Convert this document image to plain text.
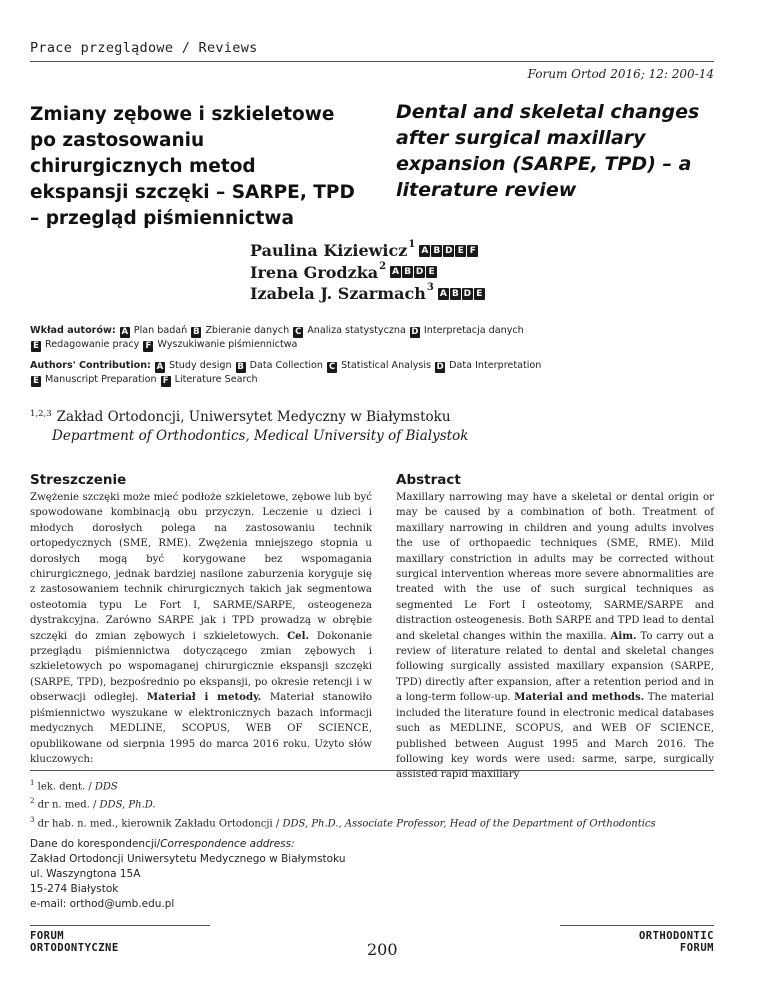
Prace przeglądowe / Reviews
Forum Ortod 2016; 12: 200-14
Zmiany zębowe i szkieletowe po zastosowaniu chirurgicznych metod ekspansji szczęki – SARPE, TPD – przegląd piśmiennictwa
Dental and skeletal changes after surgical maxillary expansion (SARPE, TPD) – a literature review
Paulina Kiziewicz 1
A B D E F
Irena Grodzka 2
A B D E
Izabela J. Szarmach 3
A B D E
Wkład autorów: A Plan badań B Zbieranie danych C Analiza statystyczna D Interpretacja danych
E Redagowanie pracy F Wyszukiwanie piśmiennictwa
Authors' Contribution: A Study design B Data Collection C Statistical Analysis D Data Interpretation
E Manuscript Preparation F Literature Search
$^{1,2,3}$ Zakład Ortodoncji, Uniwersytet Medyczny w Białymstoku
Department of Orthodontics, Medical University of Bialystok
Streszczenie
Zwężenie szczęki może mieć podłoże szkieletowe, zębowe lub być spowodowane kombinacją obu przyczyn. Leczenie u dzieci i młodych dorosłych polega na zastosowaniu technik ortopedycznych (SME, RME). Zwężenia mniejszego stopnia u dorosłych mogą być korygowane bez wspomagania chirurgicznego, jednak bardziej nasilone zaburzenia koryguje się z zastosowaniem technik chirurgicznych takich jak segmentowa osteotomia typu Le Fort I, SARME/SARPE, osteogeneza dystrakcyjna. Zarówno SARPE jak i TPD prowadzą w obrębie szczęki do zmian zębowych i szkieletowych. Cel. Dokonanie przeglądu piśmiennictwa dotyczącego zmian zębowych i szkieletowych po wspomaganej chirurgicznie ekspansji szczęki (SARPE, TPD), bezpośrednio po ekspansji, po okresie retencji i w obserwacji odległej. Materiał i metody. Materiał stanowiło piśmiennictwo wyszukane w elektronicznych bazach informacji medycznych MEDLINE, SCOPUS, WEB OF SCIENCE, opublikowane od sierpnia 1995 do marca 2016 roku. Użyto słów kluczowych:
Abstract
Maxillary narrowing may have a skeletal or dental origin or may be caused by a combination of both. Treatment of maxillary narrowing in children and young adults involves the use of orthopaedic techniques (SME, RME). Mild maxillary constriction in adults may be corrected without surgical intervention whereas more severe abnormalities are treated with the use of such surgical techniques as segmented Le Fort I osteotomy, SARME/SARPE and distraction osteogenesis. Both SARPE and TPD lead to dental and skeletal changes within the maxilla. Aim. To carry out a review of literature related to dental and skeletal changes following surgically assisted maxillary expansion (SARPE, TPD) directly after expansion, after a retention period and in a long-term follow-up. Material and methods. The material included the literature found in electronic medical databases such as MEDLINE, SCOPUS, and WEB OF SCIENCE, published between August 1995 and March 2016. The following key words were used: sarme, sarpe, surgically assisted rapid maxillary
$^1$ lek. dent. / DDS
$^2$ dr n. med. / DDS, Ph.D.
$^3$ dr hab. n. med., kierownik Zakładu Ortodoncji / DDS, Ph.D., Associate Professor, Head of the Department of Orthodontics
Dane do korespondencji/Correspondence address:
Zakład Ortodoncji Uniwersytetu Medycznego w Białymstoku
ul. Waszyngtona 15A
15-274 Białystok
e-mail: orthod@umb.edu.pl
FORUM
ORTODONTYCZNE	200
ORTHODONTIC
FORUM
